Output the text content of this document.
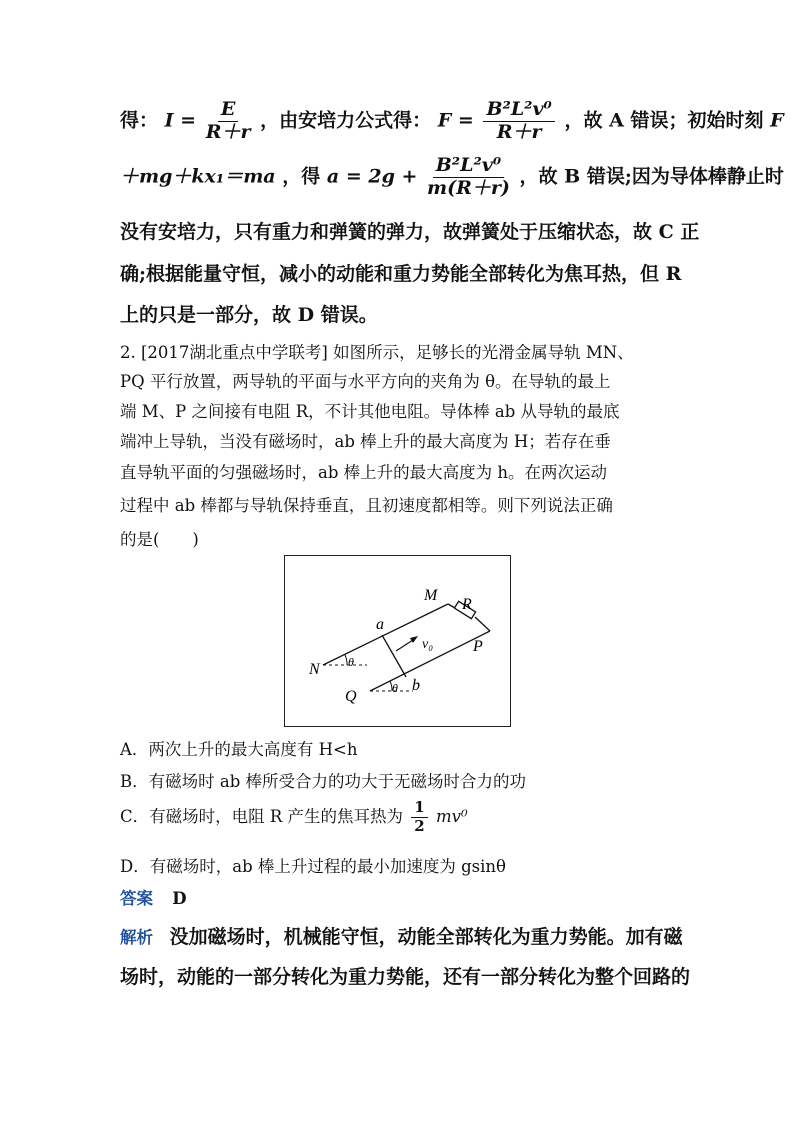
得： $I = \frac{E}{R+r}$ ，由安培力公式得： $F = \frac{\text{B²L²v⁰}}{R+r}$ ，故 A 错误；初始时刻 F
＋mg＋kx₁＝ma ，得 $a = 2g + \frac{\text{B²L²v⁰}}{m(R+r)}$ ，故 B 错误;因为导体棒静止时
没有安培力，只有重力和弹簧的弹力，故弹簧处于压缩状态，故 C 正
确;根据能量守恒，减小的动能和重力势能全部转化为焦耳热，但 R
上的只是一部分，故 D 错误。
2. [2017湖北重点中学联考] 如图所示，足够长的光滑金属导轨 MN、
PQ 平行放置，两导轨的平面与水平方向的夹角为 θ。在导轨的最上
端 M、P 之间接有电阻 R，不计其他电阻。导体棒 ab 从导轨的最底
端冲上导轨，当没有磁场时，ab 棒上升的最大高度为 H；若存在垂
直导轨平面的匀强磁场时，ab 棒上升的最大高度为 h。在两次运动
过程中 ab 棒都与导轨保持垂直，且初速度都相等。则下列说法正确
的是(　　)
M
R
P
a
v₀
N θ
Q	θ b
A．两次上升的最大高度有 H<h
B．有磁场时 ab 棒所受合力的功大于无磁场时合力的功
C．有磁场时，电阻 R 产生的焦耳热为 $\frac{1}{2} mv^0$
D．有磁场时，ab 棒上升过程的最小加速度为 gsinθ
答案 D
解析 没加磁场时，机械能守恒，动能全部转化为重力势能。加有磁
场时，动能的一部分转化为重力势能，还有一部分转化为整个回路的
